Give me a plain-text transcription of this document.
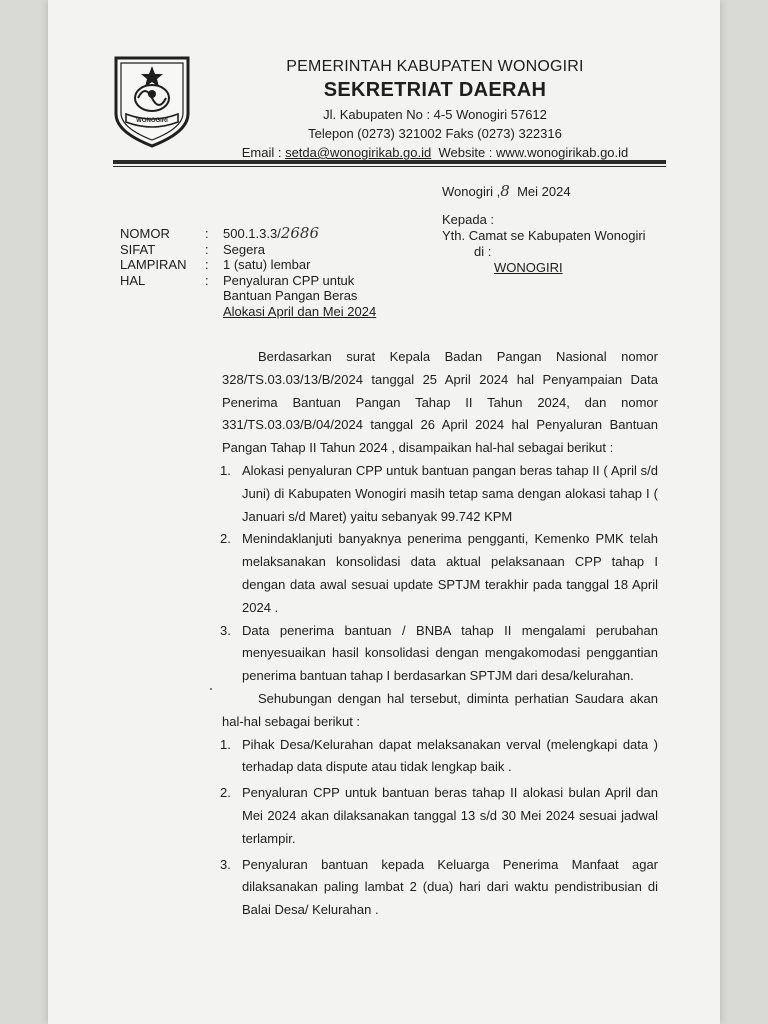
WONOGIRI
PEMERINTAH KABUPATEN WONOGIRI
SEKRETRIAT DAERAH
Jl. Kabupaten No : 4-5 Wonogiri 57612
Telepon (0273) 321002 Faks (0273) 322316
Email : setda@wonogirikab.go.id  Website : www.wonogirikab.go.id
Wonogiri ,8 Mei 2024
Kepada :
Yth. Camat se Kabupaten Wonogiri
di :
WONOGIRI
NOMOR	:	500.1.3.3/2686
SIFAT	:	Segera
LAMPIRAN	:	1 (satu) lembar
HAL	:	Penyaluran CPP untuk
Bantuan Pangan Beras
Alokasi April dan Mei 2024

Berdasarkan surat Kepala Badan Pangan Nasional nomor 328/TS.03.03/13/B/2024 tanggal 25 April 2024 hal Penyampaian Data Penerima Bantuan Pangan Tahap II Tahun 2024, dan nomor 331/TS.03.03/B/04/2024 tanggal 26 April 2024 hal Penyaluran Bantuan Pangan Tahap II Tahun 2024 , disampaikan hal-hal sebagai berikut :

1. Alokasi penyaluran CPP untuk bantuan pangan beras tahap II ( April s/d Juni) di Kabupaten Wonogiri masih tetap sama dengan alokasi tahap I ( Januari s/d Maret) yaitu sebanyak 99.742 KPM
2. Menindaklanjuti banyaknya penerima pengganti, Kemenko PMK telah melaksanakan konsolidasi data aktual pelaksanaan CPP tahap I dengan data awal sesuai update SPTJM terakhir pada tanggal 18 April 2024 .
3. Data penerima bantuan / BNBA tahap II mengalami perubahan menyesuaikan hasil konsolidasi dengan mengakomodasi penggantian penerima bantuan tahap I berdasarkan SPTJM dari desa/kelurahan.

Sehubungan dengan hal tersebut, diminta perhatian Saudara akan hal-hal sebagai berikut :

1. Pihak Desa/Kelurahan dapat melaksanakan verval (melengkapi data ) terhadap data dispute atau tidak lengkap baik .
2. Penyaluran CPP untuk bantuan beras tahap II alokasi bulan April dan Mei 2024 akan dilaksanakan tanggal 13 s/d 30 Mei 2024 sesuai jadwal terlampir.
3. Penyaluran bantuan kepada Keluarga Penerima Manfaat agar dilaksanakan paling lambat 2 (dua) hari dari waktu pendistribusian di Balai Desa/ Kelurahan .
